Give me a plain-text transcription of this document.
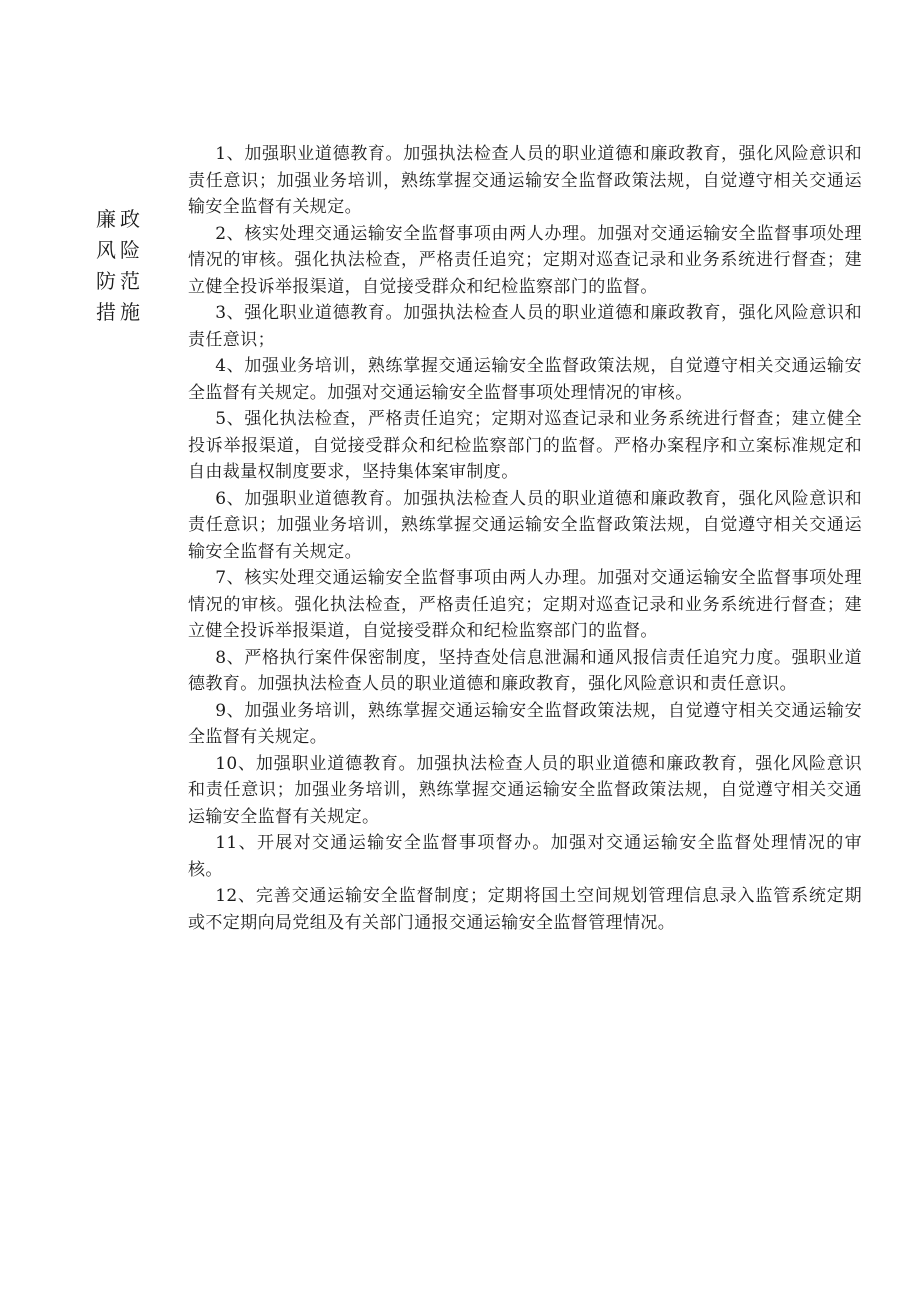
廉政
风险
防范
措施

1、加强职业道德教育。加强执法检查人员的职业道德和廉政教育，强化风险意识和责任意识；加强业务培训，熟练掌握交通运输安全监督政策法规，自觉遵守相关交通运输安全监督有关规定。

2、核实处理交通运输安全监督事项由两人办理。加强对交通运输安全监督事项处理情况的审核。强化执法检查，严格责任追究；定期对巡查记录和业务系统进行督查；建立健全投诉举报渠道，自觉接受群众和纪检监察部门的监督。

3、强化职业道德教育。加强执法检查人员的职业道德和廉政教育，强化风险意识和责任意识；

4、加强业务培训，熟练掌握交通运输安全监督政策法规，自觉遵守相关交通运输安全监督有关规定。加强对交通运输安全监督事项处理情况的审核。

5、强化执法检查，严格责任追究；定期对巡查记录和业务系统进行督查；建立健全投诉举报渠道，自觉接受群众和纪检监察部门的监督。严格办案程序和立案标准规定和自由裁量权制度要求，坚持集体案审制度。

6、加强职业道德教育。加强执法检查人员的职业道德和廉政教育，强化风险意识和责任意识；加强业务培训，熟练掌握交通运输安全监督政策法规，自觉遵守相关交通运输安全监督有关规定。

7、核实处理交通运输安全监督事项由两人办理。加强对交通运输安全监督事项处理情况的审核。强化执法检查，严格责任追究；定期对巡查记录和业务系统进行督查；建立健全投诉举报渠道，自觉接受群众和纪检监察部门的监督。

8、严格执行案件保密制度，坚持查处信息泄漏和通风报信责任追究力度。强职业道德教育。加强执法检查人员的职业道德和廉政教育，强化风险意识和责任意识。

9、加强业务培训，熟练掌握交通运输安全监督政策法规，自觉遵守相关交通运输安全监督有关规定。

10、加强职业道德教育。加强执法检查人员的职业道德和廉政教育，强化风险意识和责任意识；加强业务培训，熟练掌握交通运输安全监督政策法规，自觉遵守相关交通运输安全监督有关规定。

11、开展对交通运输安全监督事项督办。加强对交通运输安全监督处理情况的审核。

12、完善交通运输安全监督制度；定期将国土空间规划管理信息录入监管系统定期或不定期向局党组及有关部门通报交通运输安全监督管理情况。
